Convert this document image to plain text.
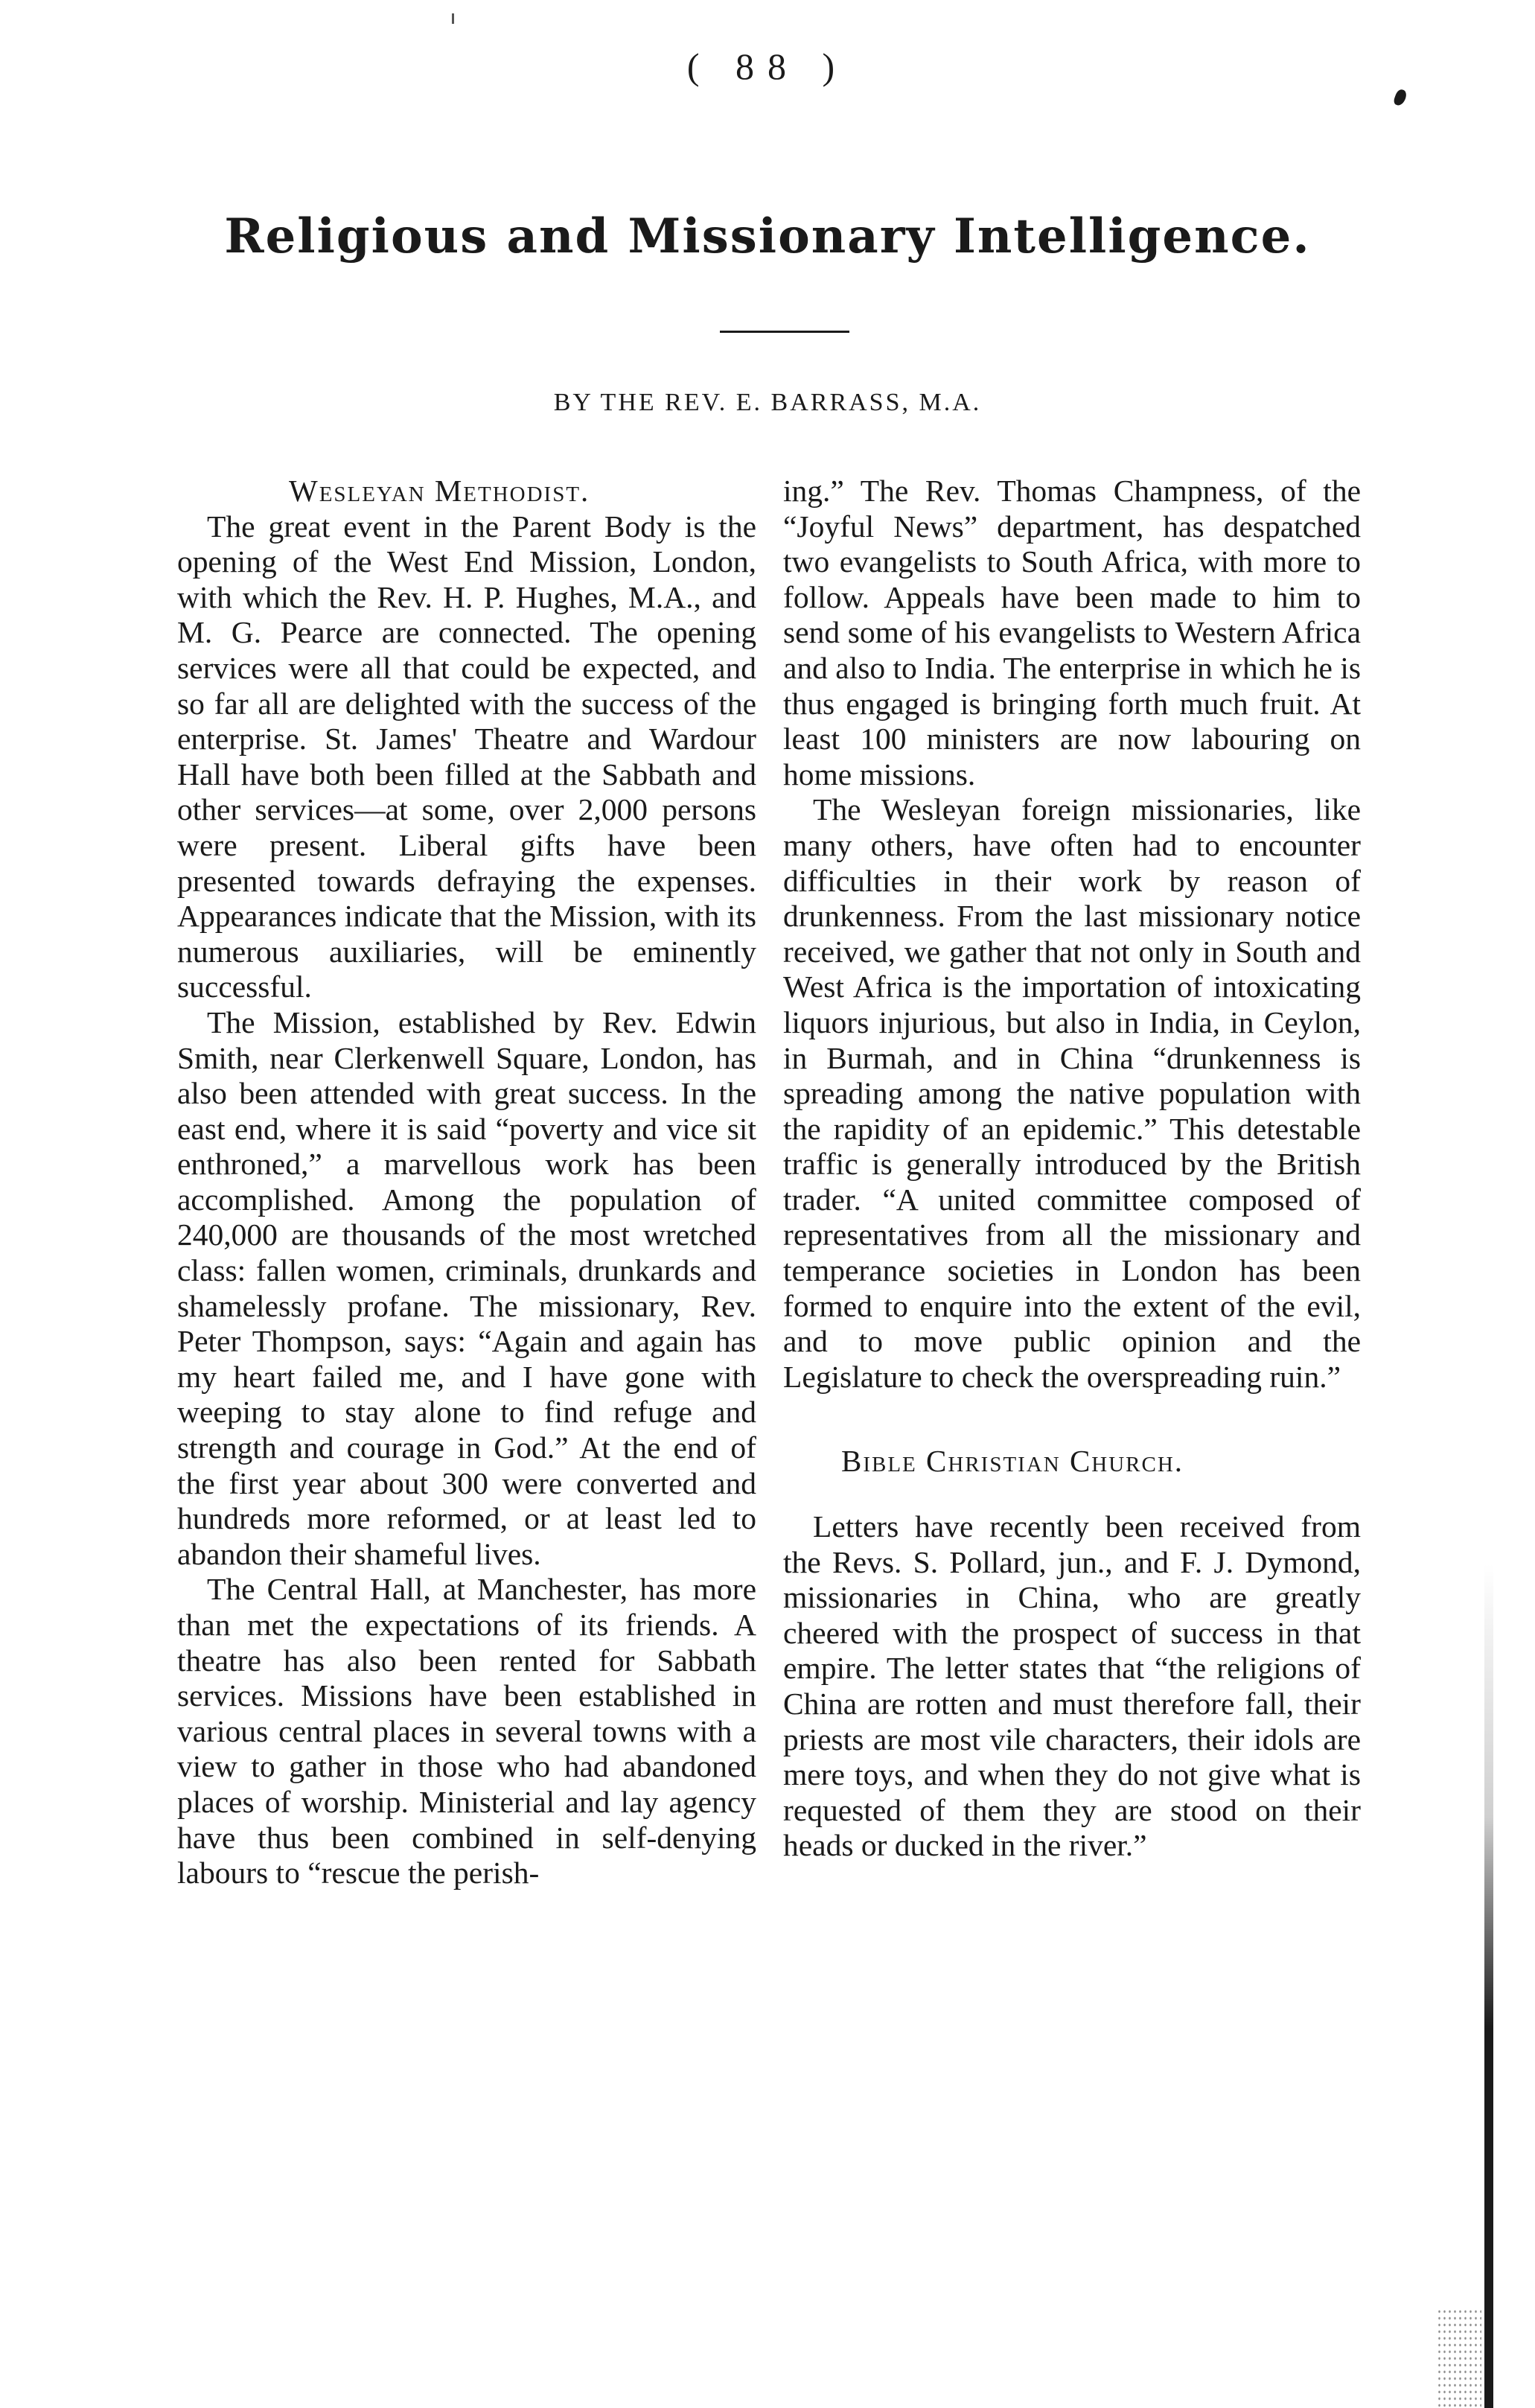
( 88 )

Religious and Missionary Intelligence.

BY THE REV. E. BARRASS, M.A.

Wesleyan Methodist.

The great event in the Parent Body is the opening of the West End Mission, London, with which the Rev. H. P. Hughes, M.A., and M. G. Pearce are connected. The opening services were all that could be expected, and so far all are delighted with the success of the enterprise. St. James' Theatre and Wardour Hall have both been filled at the Sabbath and other services—at some, over 2,000 persons were present. Liberal gifts have been presented towards defraying the expenses. Appearances indicate that the Mission, with its numerous auxiliaries, will be eminently successful.

The Mission, established by Rev. Edwin Smith, near Clerkenwell Square, London, has also been attended with great success. In the east end, where it is said “poverty and vice sit enthroned,” a marvellous work has been accomplished. Among the population of 240,000 are thousands of the most wretched class: fallen women, criminals, drunkards and shamelessly profane. The missionary, Rev. Peter Thompson, says: “Again and again has my heart failed me, and I have gone with weeping to stay alone to find refuge and strength and courage in God.” At the end of the first year about 300 were converted and hundreds more reformed, or at least led to abandon their shameful lives.

The Central Hall, at Manchester, has more than met the expectations of its friends. A theatre has also been rented for Sabbath services. Missions have been established in various central places in several towns with a view to gather in those who had abandoned places of worship. Ministerial and lay agency have thus been combined in self-denying labours to “rescue the perish-

ing.” The Rev. Thomas Champness, of the “Joyful News” department, has despatched two evangelists to South Africa, with more to follow. Appeals have been made to him to send some of his evangelists to Western Africa and also to India. The enterprise in which he is thus engaged is bringing forth much fruit. At least 100 ministers are now labouring on home missions.

The Wesleyan foreign missionaries, like many others, have often had to encounter difficulties in their work by reason of drunkenness. From the last missionary notice received, we gather that not only in South and West Africa is the importation of intoxicating liquors injurious, but also in India, in Ceylon, in Burmah, and in China “drunkenness is spreading among the native population with the rapidity of an epidemic.” This detestable traffic is generally introduced by the British trader. “A united committee composed of representatives from all the missionary and temperance societies in London has been formed to enquire into the extent of the evil, and to move public opinion and the Legislature to check the overspreading ruin.”

Bible Christian Church.

Letters have recently been received from the Revs. S. Pollard, jun., and F. J. Dymond, missionaries in China, who are greatly cheered with the prospect of success in that empire. The letter states that “the religions of China are rotten and must therefore fall, their priests are most vile characters, their idols are mere toys, and when they do not give what is requested of them they are stood on their heads or ducked in the river.”
